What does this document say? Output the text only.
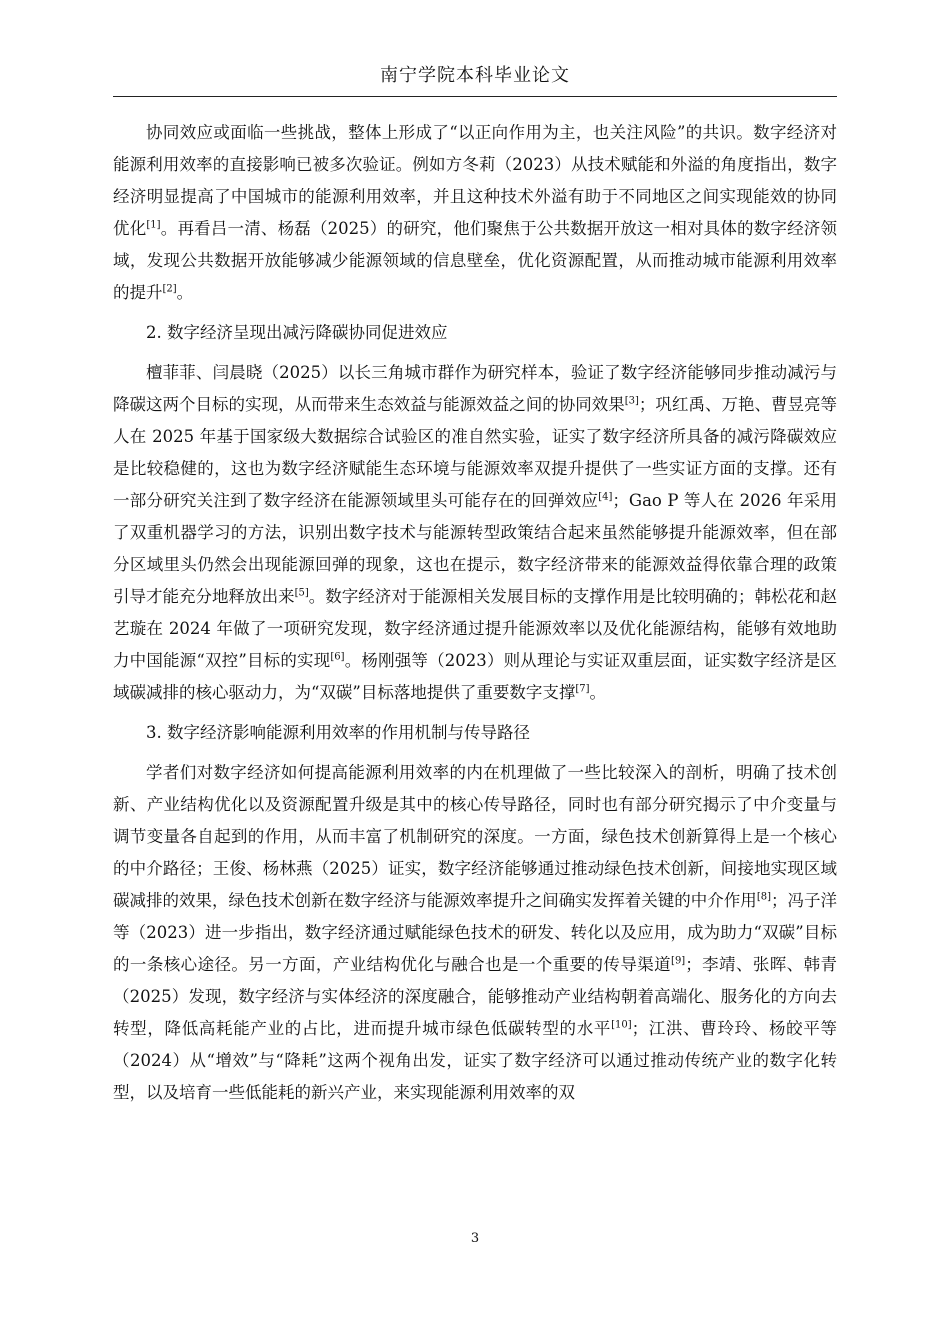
南宁学院本科毕业论文

协同效应或面临一些挑战，整体上形成了“以正向作用为主，也关注风险”的共识。数字经济对能源利用效率的直接影响已被多次验证。例如方冬莉（2023）从技术赋能和外溢的角度指出，数字经济明显提高了中国城市的能源利用效率，并且这种技术外溢有助于不同地区之间实现能效的协同优化[1]。再看吕一清、杨磊（2025）的研究，他们聚焦于公共数据开放这一相对具体的数字经济领域，发现公共数据开放能够减少能源领域的信息壁垒，优化资源配置，从而推动城市能源利用效率的提升[2]。

2. 数字经济呈现出减污降碳协同促进效应

檀菲菲、闫晨晓（2025）以长三角城市群作为研究样本，验证了数字经济能够同步推动减污与降碳这两个目标的实现，从而带来生态效益与能源效益之间的协同效果[3]；巩红禹、万艳、曹昱亮等人在 2025 年基于国家级大数据综合试验区的准自然实验，证实了数字经济所具备的减污降碳效应是比较稳健的，这也为数字经济赋能生态环境与能源效率双提升提供了一些实证方面的支撑。还有一部分研究关注到了数字经济在能源领域里头可能存在的回弹效应[4]；Gao P 等人在 2026 年采用了双重机器学习的方法，识别出数字技术与能源转型政策结合起来虽然能够提升能源效率，但在部分区域里头仍然会出现能源回弹的现象，这也在提示，数字经济带来的能源效益得依靠合理的政策引导才能充分地释放出来[5]。数字经济对于能源相关发展目标的支撑作用是比较明确的；韩松花和赵艺璇在 2024 年做了一项研究发现，数字经济通过提升能源效率以及优化能源结构，能够有效地助力中国能源“双控”目标的实现[6]。杨刚强等（2023）则从理论与实证双重层面，证实数字经济是区域碳减排的核心驱动力，为“双碳”目标落地提供了重要数字支撑[7]。

3. 数字经济影响能源利用效率的作用机制与传导路径

学者们对数字经济如何提高能源利用效率的内在机理做了一些比较深入的剖析，明确了技术创新、产业结构优化以及资源配置升级是其中的核心传导路径，同时也有部分研究揭示了中介变量与调节变量各自起到的作用，从而丰富了机制研究的深度。一方面，绿色技术创新算得上是一个核心的中介路径；王俊、杨林燕（2025）证实，数字经济能够通过推动绿色技术创新，间接地实现区域碳减排的效果，绿色技术创新在数字经济与能源效率提升之间确实发挥着关键的中介作用[8]；冯子洋等（2023）进一步指出，数字经济通过赋能绿色技术的研发、转化以及应用，成为助力“双碳”目标的一条核心途径。另一方面，产业结构优化与融合也是一个重要的传导渠道[9]；李靖、张晖、韩青（2025）发现，数字经济与实体经济的深度融合，能够推动产业结构朝着高端化、服务化的方向去转型，降低高耗能产业的占比，进而提升城市绿色低碳转型的水平[10]；江洪、曹玲玲、杨皎平等（2024）从“增效”与“降耗”这两个视角出发，证实了数字经济可以通过推动传统产业的数字化转型，以及培育一些低能耗的新兴产业，来实现能源利用效率的双

3
